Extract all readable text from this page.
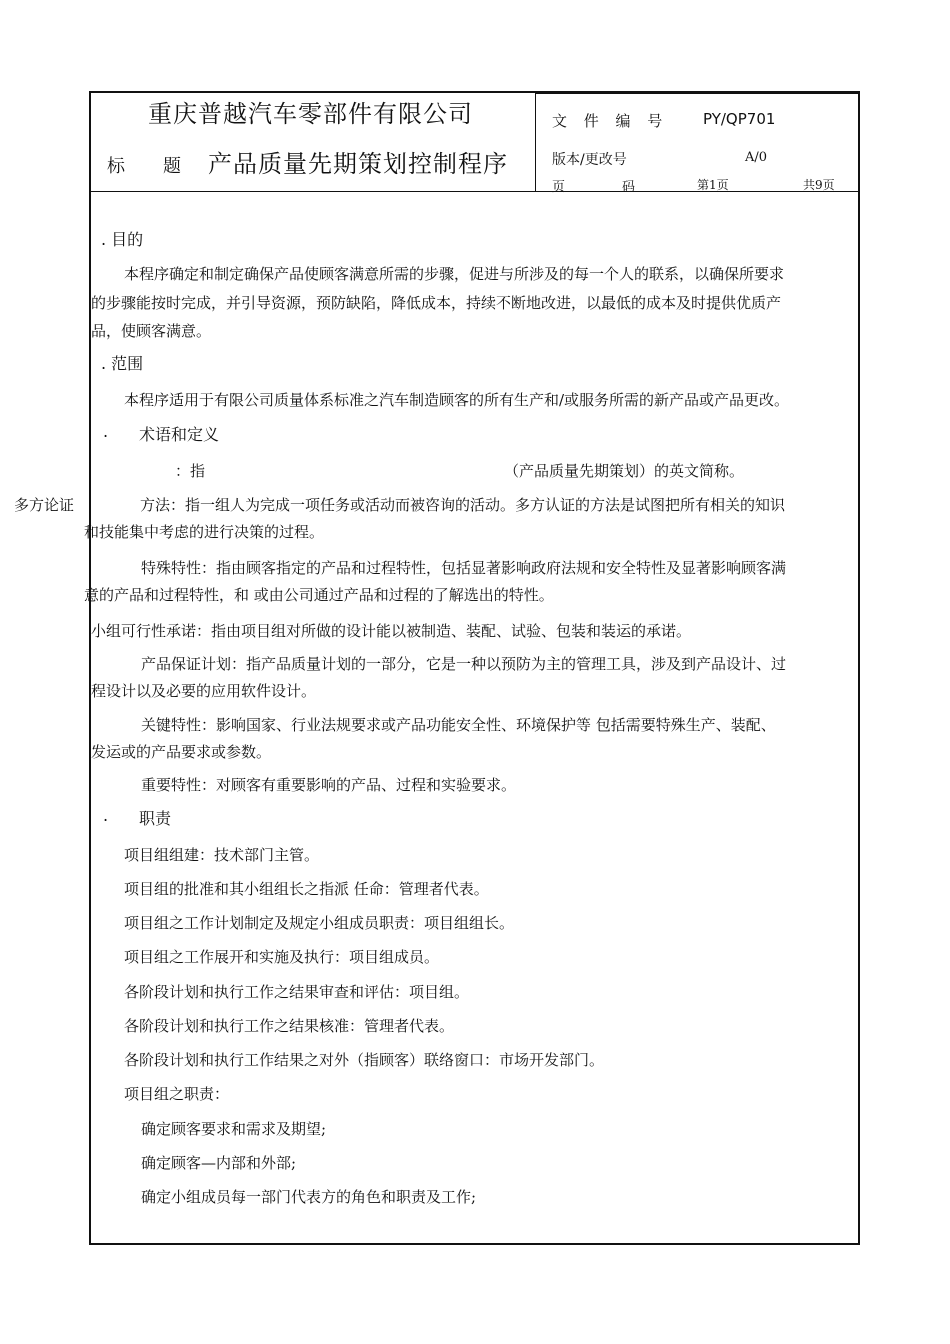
重庆普越汽车零部件有限公司
标 题 产品质量先期策划控制程序
文 件 编 号	PY/QP701
版本/更改号	A/0
页	码	第1页	共9页
. 目的
本程序确定和制定确保产品使顾客满意所需的步骤，促进与所涉及的每一个人的联系，以确保所要求
的步骤能按时完成，并引导资源，预防缺陷，降低成本，持续不断地改进，以最低的成本及时提供优质产
品，使顾客满意。
. 范围
本程序适用于有限公司质量体系标准之汽车制造顾客的所有生产和/或服务所需的新产品或产品更改。
. 术语和定义
：指	（产品质量先期策划）的英文简称。
多方论证	方法：指一组人为完成一项任务或活动而被咨询的活动。多方认证的方法是试图把所有相关的知识
和技能集中考虑的进行决策的过程。
特殊特性：指由顾客指定的产品和过程特性，包括显著影响政府法规和安全特性及显著影响顾客满
意的产品和过程特性，和 或由公司通过产品和过程的了解选出的特性。
小组可行性承诺：指由项目组对所做的设计能以被制造、装配、试验、包装和装运的承诺。
产品保证计划：指产品质量计划的一部分，它是一种以预防为主的管理工具，涉及到产品设计、过
程设计以及必要的应用软件设计。
关键特性：影响国家、行业法规要求或产品功能安全性、环境保护等 包括需要特殊生产、装配、
发运或的产品要求或参数。
重要特性：对顾客有重要影响的产品、过程和实验要求。
. 职责
项目组组建：技术部门主管。
项目组的批准和其小组组长之指派 任命：管理者代表。
项目组之工作计划制定及规定小组成员职责：项目组组长。
项目组之工作展开和实施及执行：项目组成员。
各阶段计划和执行工作之结果审查和评估：项目组。
各阶段计划和执行工作之结果核准：管理者代表。
各阶段计划和执行工作结果之对外（指顾客）联络窗口：市场开发部门。
项目组之职责：
确定顾客要求和需求及期望;
确定顾客—内部和外部;
确定小组成员每一部门代表方的角色和职责及工作;
